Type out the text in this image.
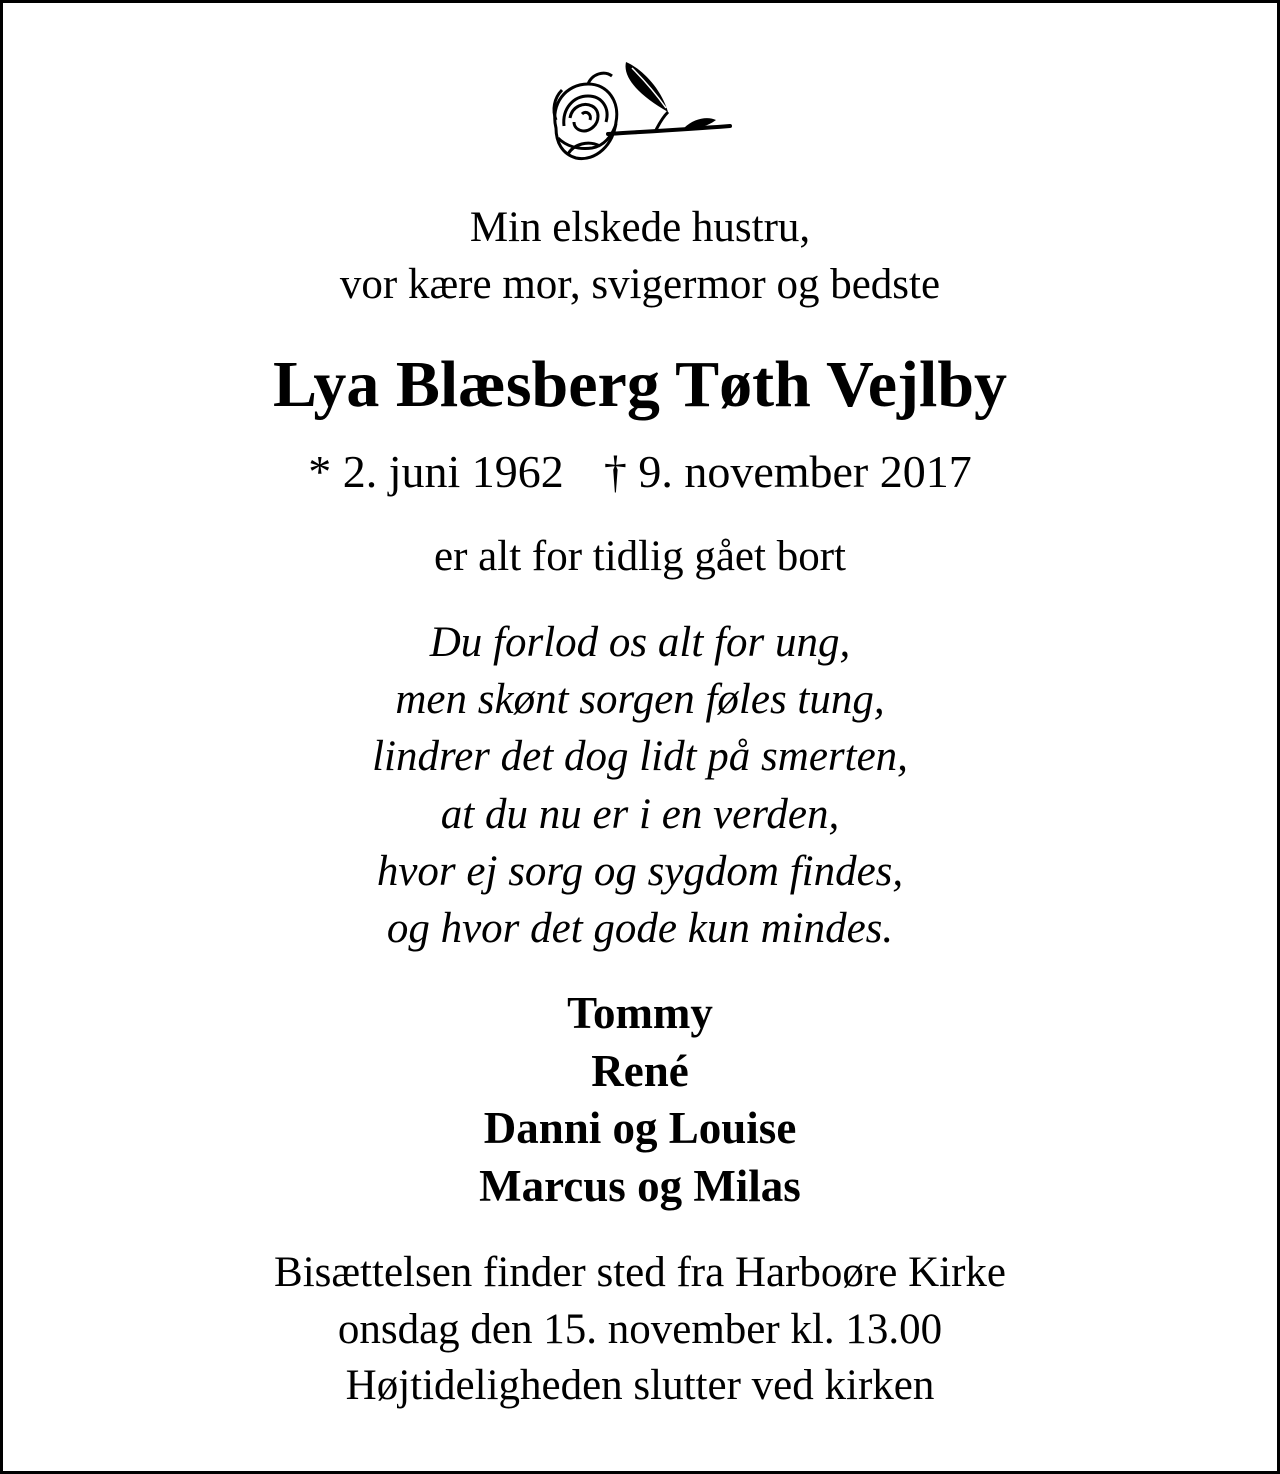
Min elskede hustru,
vor kære mor, svigermor og bedste
Lya Blæsberg Tøth Vejlby
* 2. juni 1962 † 9. november 2017
er alt for tidlig gået bort
Du forlod os alt for ung,
men skønt sorgen føles tung,
lindrer det dog lidt på smerten,
at du nu er i en verden,
hvor ej sorg og sygdom findes,
og hvor det gode kun mindes.
Tommy
René
Danni og Louise
Marcus og Milas
Bisættelsen finder sted fra Harboøre Kirke
onsdag den 15. november kl. 13.00
Højtideligheden slutter ved kirken
